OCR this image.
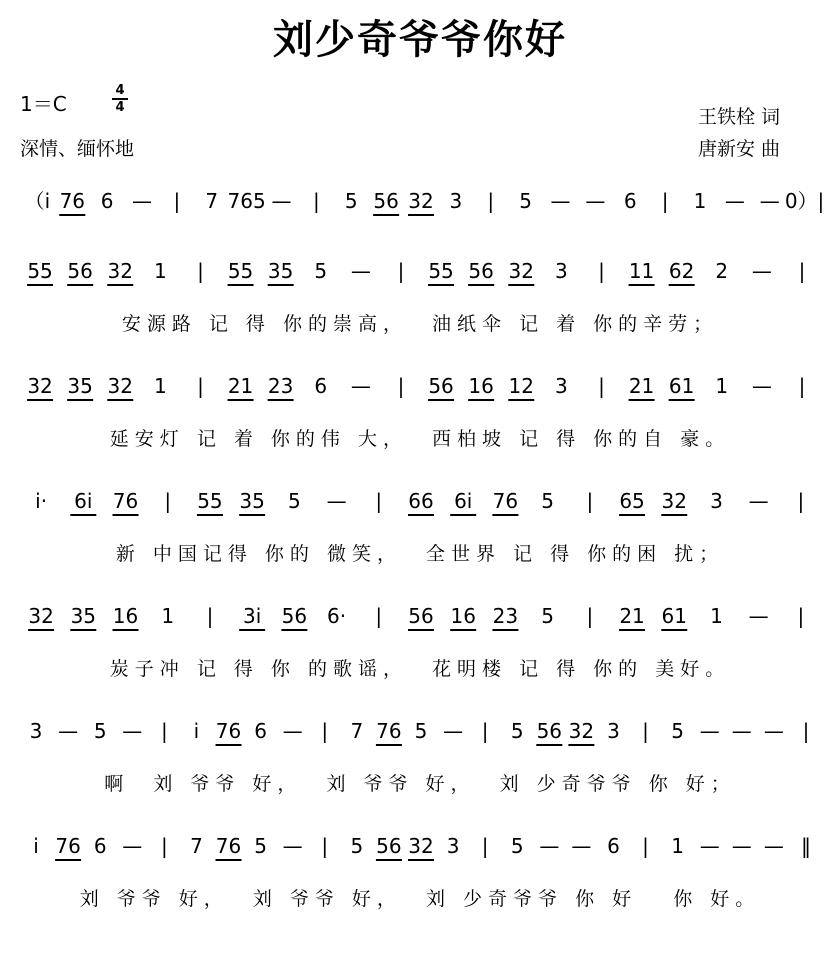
刘少奇爷爷你好
1＝C
4
4
深情、缅怀地
王铁栓 词
唐新安 曲
（i 76 6 — | 7 765 — | 5 56 32 3 | 5 — — 6 | 1 — — 0）|
55 56 32 1 | 55 35 5 — | 55 56 32 3 | 11 62 2 — |
安源路 记 得 你的崇高，  油纸伞 记 着 你的辛劳；
32 35 32 1 | 21 23 6 — | 56 16 12 3 | 21 61 1 — |
延安灯 记 着 你的伟 大，  西柏坡 记 得 你的自 豪。
i· 6i 76 | 55 35 5 — | 66 6i 76 5 | 65 32 3 — |
新 中国记得 你的 微笑，  全世界 记 得 你的困 扰；
32 35 16 1 | 3i 56 6· | 56 16 23 5 | 21 61 1 — |
炭子冲 记 得 你 的歌谣，  花明楼 记 得 你的 美好。
3 — 5 — | i 76 6 — | 7 76 5 — | 5 56 32 3 | 5 — — — |
啊  刘 爷爷 好，  刘 爷爷 好，  刘 少奇爷爷 你 好；
i 76 6 — | 7 76 5 — | 5 56 32 3 | 5 — — 6 | 1 — — — ‖
刘 爷爷 好，  刘 爷爷 好，  刘 少奇爷爷 你 好   你 好。
